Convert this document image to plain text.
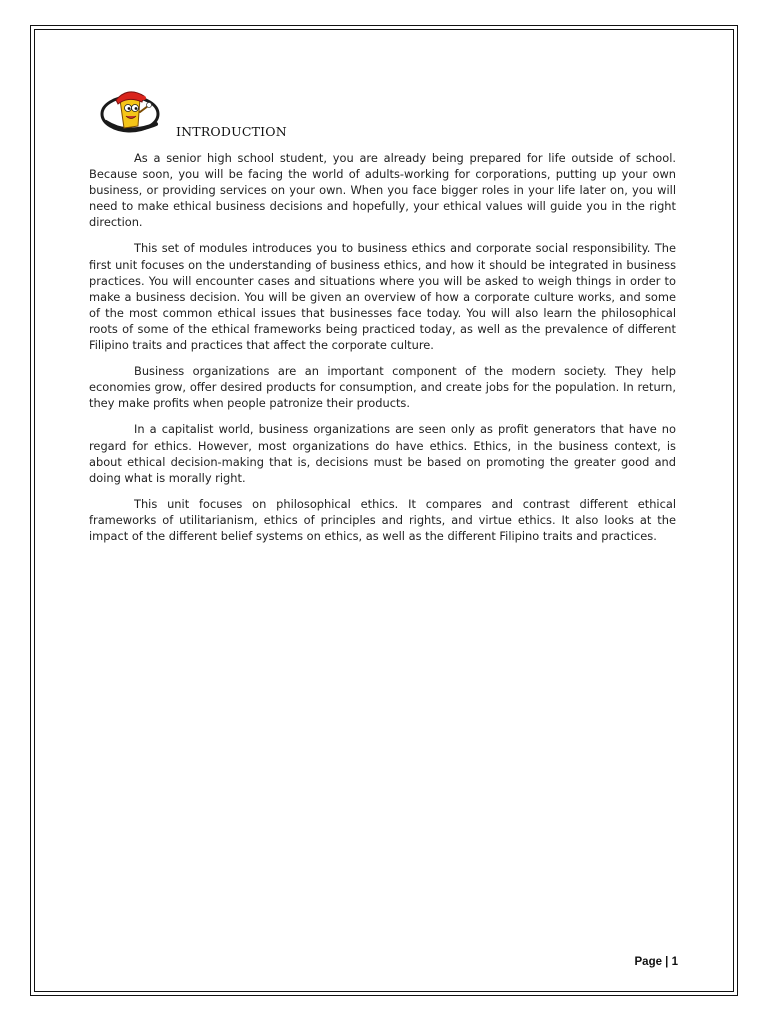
INTRODUCTION

As a senior high school student, you are already being prepared for life outside of school. Because soon, you will be facing the world of adults-working for corporations, putting up your own business, or providing services on your own. When you face bigger roles in your life later on, you will need to make ethical business decisions and hopefully, your ethical values will guide you in the right direction.

This set of modules introduces you to business ethics and corporate social responsibility. The first unit focuses on the understanding of business ethics, and how it should be integrated in business practices. You will encounter cases and situations where you will be asked to weigh things in order to make a business decision. You will be given an overview of how a corporate culture works, and some of the most common ethical issues that businesses face today. You will also learn the philosophical roots of some of the ethical frameworks being practiced today, as well as the prevalence of different Filipino traits and practices that affect the corporate culture.

Business organizations are an important component of the modern society. They help economies grow, offer desired products for consumption, and create jobs for the population. In return, they make profits when people patronize their products.

In a capitalist world, business organizations are seen only as profit generators that have no regard for ethics. However, most organizations do have ethics. Ethics, in the business context, is about ethical decision-making that is, decisions must be based on promoting the greater good and doing what is morally right.

This unit focuses on philosophical ethics. It compares and contrast different ethical frameworks of utilitarianism, ethics of principles and rights, and virtue ethics. It also looks at the impact of the different belief systems on ethics, as well as the different Filipino traits and practices.

Page | 1
